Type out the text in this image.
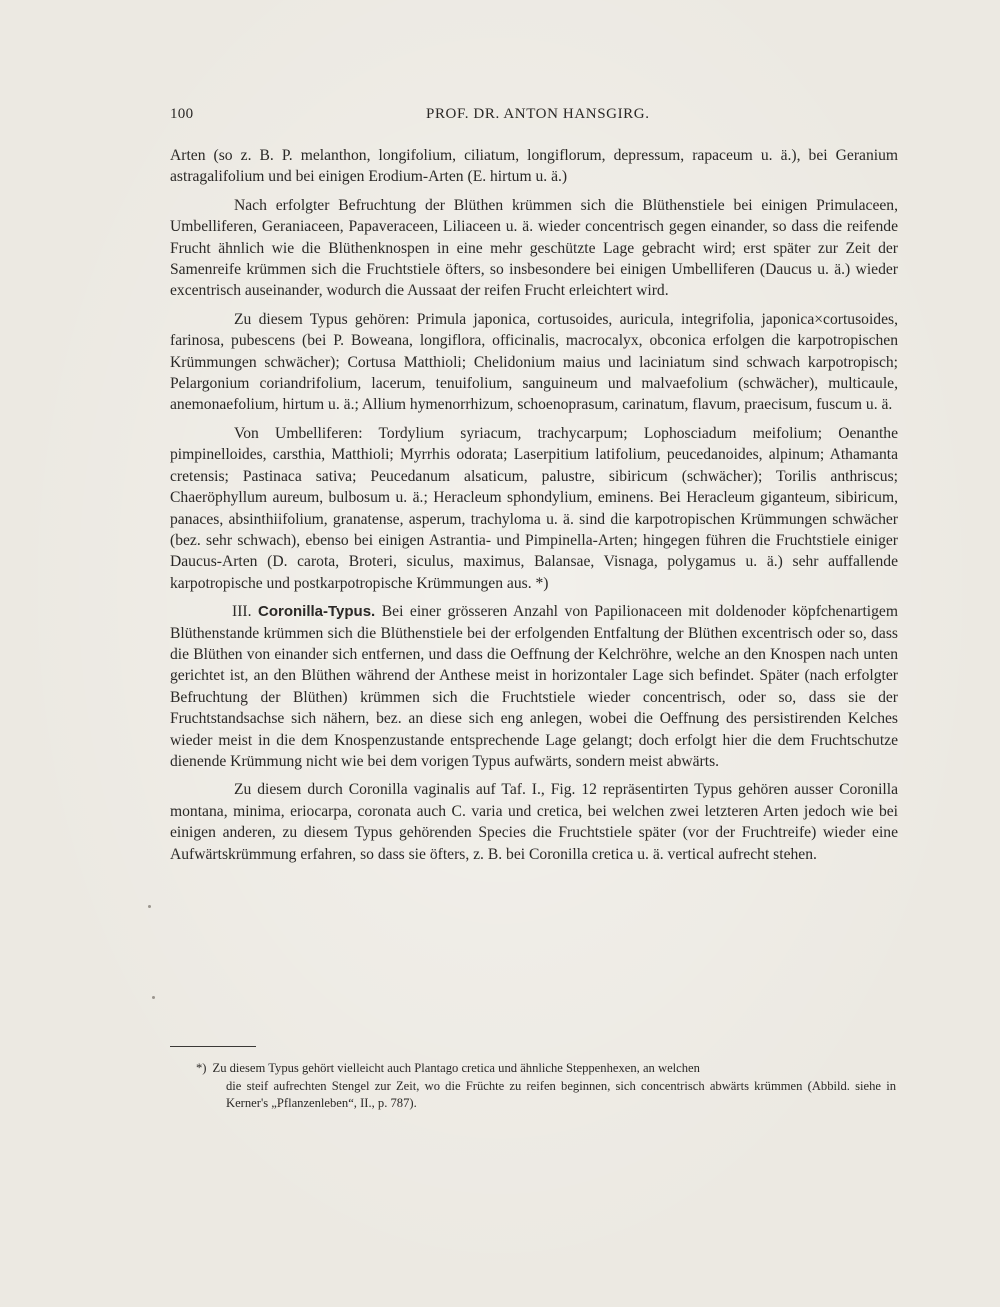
100	PROF. DR. ANTON HANSGIRG.

Arten (so z. B. P. melanthon, longifolium, ciliatum, longiflorum, depressum, rapaceum u. ä.), bei Geranium astragalifolium und bei einigen Erodium-Arten (E. hirtum u. ä.)

Nach erfolgter Befruchtung der Blüthen krümmen sich die Blüthenstiele bei einigen Primulaceen, Umbelliferen, Geraniaceen, Papaveraceen, Liliaceen u. ä. wieder concentrisch gegen einander, so dass die reifende Frucht ähnlich wie die Blüthenknospen in eine mehr geschützte Lage gebracht wird; erst später zur Zeit der Samenreife krümmen sich die Fruchtstiele öfters, so insbesondere bei einigen Umbelliferen (Daucus u. ä.) wieder excentrisch auseinander, wodurch die Aussaat der reifen Frucht erleichtert wird.

Zu diesem Typus gehören: Primula japonica, cortusoides, auricula, integrifolia, japonica×cortusoides, farinosa, pubescens (bei P. Boweana, longiflora, officinalis, macrocalyx, obconica erfolgen die karpotropischen Krümmungen schwächer); Cortusa Matthioli; Chelidonium maius und laciniatum sind schwach karpotropisch; Pelargonium coriandrifolium, lacerum, tenuifolium, sanguineum und malvaefolium (schwächer), multicaule, anemonaefolium, hirtum u. ä.; Allium hymenorrhizum, schoenoprasum, carinatum, flavum, praecisum, fuscum u. ä.

Von Umbelliferen: Tordylium syriacum, trachycarpum; Lophosciadum meifolium; Oenanthe pimpinelloides, carsthia, Matthioli; Myrrhis odorata; Laserpitium latifolium, peucedanoides, alpinum; Athamanta cretensis; Pastinaca sativa; Peucedanum alsaticum, palustre, sibiricum (schwächer); Torilis anthriscus; Chaeröphyllum aureum, bulbosum u. ä.; Heracleum sphondylium, eminens. Bei Heracleum giganteum, sibiricum, panaces, absinthiifolium, granatense, asperum, trachyloma u. ä. sind die karpotropischen Krümmungen schwächer (bez. sehr schwach), ebenso bei einigen Astrantia- und Pimpinella-Arten; hingegen führen die Fruchtstiele einiger Daucus-Arten (D. carota, Broteri, siculus, maximus, Balansae, Visnaga, polygamus u. ä.) sehr auffallende karpotropische und postkarpotropische Krümmungen aus. *)

III. Coronilla-Typus. Bei einer grösseren Anzahl von Papilionaceen mit doldenoder köpfchenartigem Blüthenstande krümmen sich die Blüthenstiele bei der erfolgenden Entfaltung der Blüthen excentrisch oder so, dass die Blüthen von einander sich entfernen, und dass die Oeffnung der Kelchröhre, welche an den Knospen nach unten gerichtet ist, an den Blüthen während der Anthese meist in horizontaler Lage sich befindet. Später (nach erfolgter Befruchtung der Blüthen) krümmen sich die Fruchtstiele wieder concentrisch, oder so, dass sie der Fruchtstandsachse sich nähern, bez. an diese sich eng anlegen, wobei die Oeffnung des persistirenden Kelches wieder meist in die dem Knospenzustande entsprechende Lage gelangt; doch erfolgt hier die dem Fruchtschutze dienende Krümmung nicht wie bei dem vorigen Typus aufwärts, sondern meist abwärts.

Zu diesem durch Coronilla vaginalis auf Taf. I., Fig. 12 repräsentirten Typus gehören ausser Coronilla montana, minima, eriocarpa, coronata auch C. varia und cretica, bei welchen zwei letzteren Arten jedoch wie bei einigen anderen, zu diesem Typus gehörenden Species die Fruchtstiele später (vor der Fruchtreife) wieder eine Aufwärtskrümmung erfahren, so dass sie öfters, z. B. bei Coronilla cretica u. ä. vertical aufrecht stehen.

*) Zu diesem Typus gehört vielleicht auch Plantago cretica und ähnliche Steppenhexen, an welchen
die steif aufrechten Stengel zur Zeit, wo die Früchte zu reifen beginnen, sich concentrisch abwärts krümmen (Abbild. siehe in Kerner's „Pflanzenleben“, II., p. 787).
